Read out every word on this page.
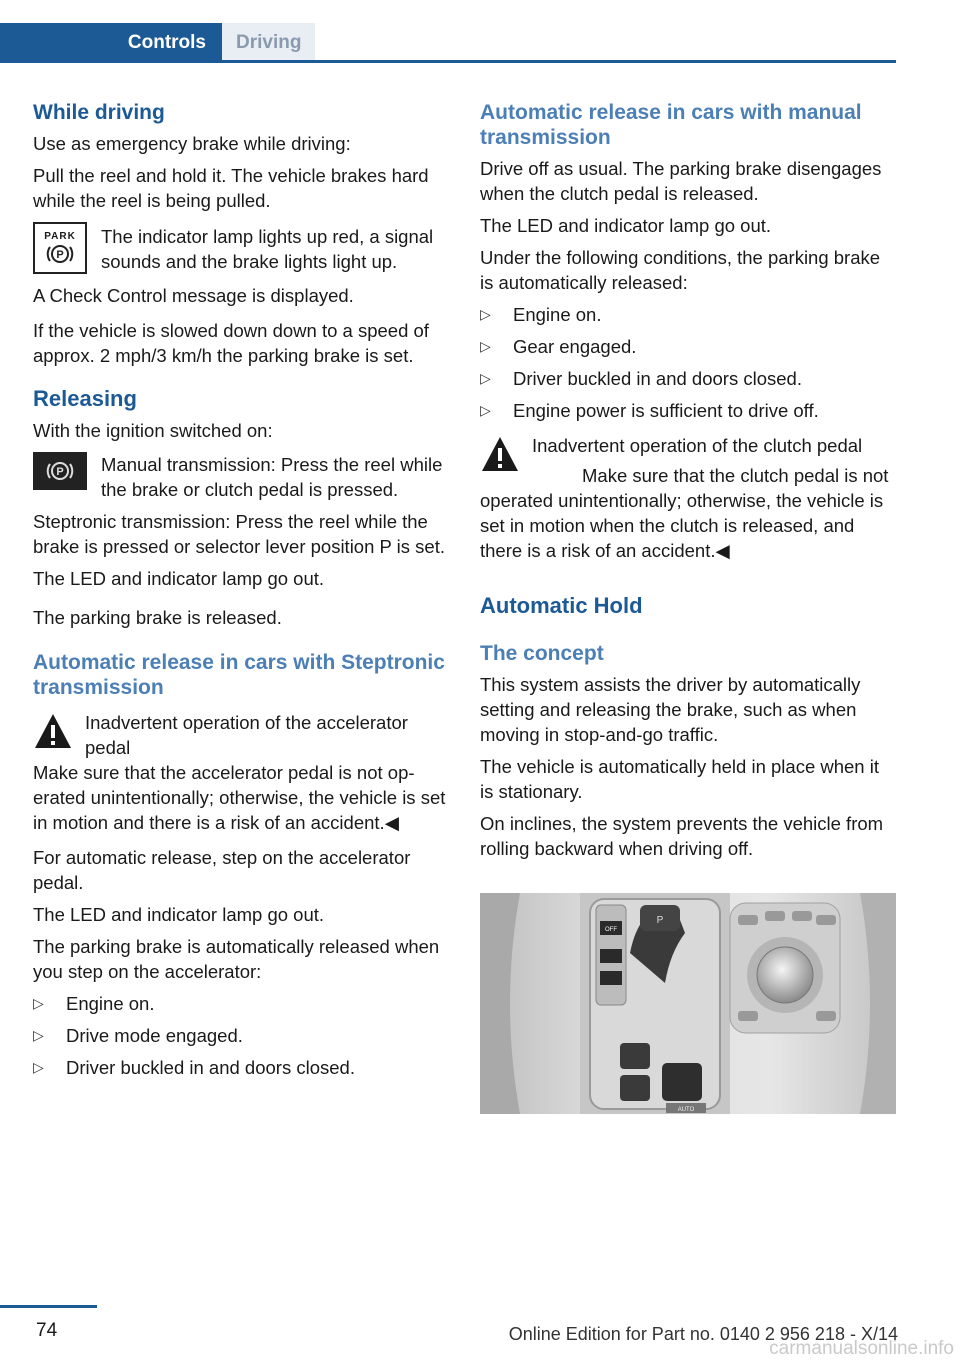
Controls	Driving
While driving

Use as emergency brake while driving:

Pull the reel and hold it. The vehicle brakes hard while the reel is being pulled.

PARK
P
The indicator lamp lights up red, a signal sounds and the brake lights light up.

A Check Control message is displayed.

If the vehicle is slowed down down to a speed of approx. 2 mph/3 km/h the parking brake is set.

Releasing

With the ignition switched on:

P	Manual transmission: Press the reel while the brake or clutch pedal is pressed.

Steptronic transmission: Press the reel while the brake is pressed or selector lever position P is set.

The LED and indicator lamp go out.

The parking brake is released.

Automatic release in cars with Steptronic transmission
Inadvertent operation of the accelerator pedal
Make sure that the accelerator pedal is not operated unintentionally; otherwise, the vehicle is set in motion and there is a risk of an accident.◀

For automatic release, step on the accelerator pedal.

The LED and indicator lamp go out.

The parking brake is automatically released when you step on the accelerator:

▷ Engine on.
▷ Drive mode engaged.
▷ Driver buckled in and doors closed.
Automatic release in cars with manual transmission

Drive off as usual. The parking brake disengages when the clutch pedal is released.

The LED and indicator lamp go out.

Under the following conditions, the parking brake is automatically released:

▷ Engine on.
▷ Gear engaged.
▷ Driver buckled in and doors closed.
▷ Engine power is sufficient to drive off.
Inadvertent operation of the clutch pedal
Make sure that the clutch pedal is not operated unintentionally; otherwise, the vehicle is set in motion when the clutch is released, and there is a risk of an accident.◀
Automatic Hold
The concept

This system assists the driver by automatically setting and releasing the brake, such as when moving in stop-and-go traffic.

The vehicle is automatically held in place when it is stationary.

On inclines, the system prevents the vehicle from rolling backward when driving off.

OFF
P
AUTO
74	Online Edition for Part no. 0140 2 956 218 - X/14
carmanualsonline.info
